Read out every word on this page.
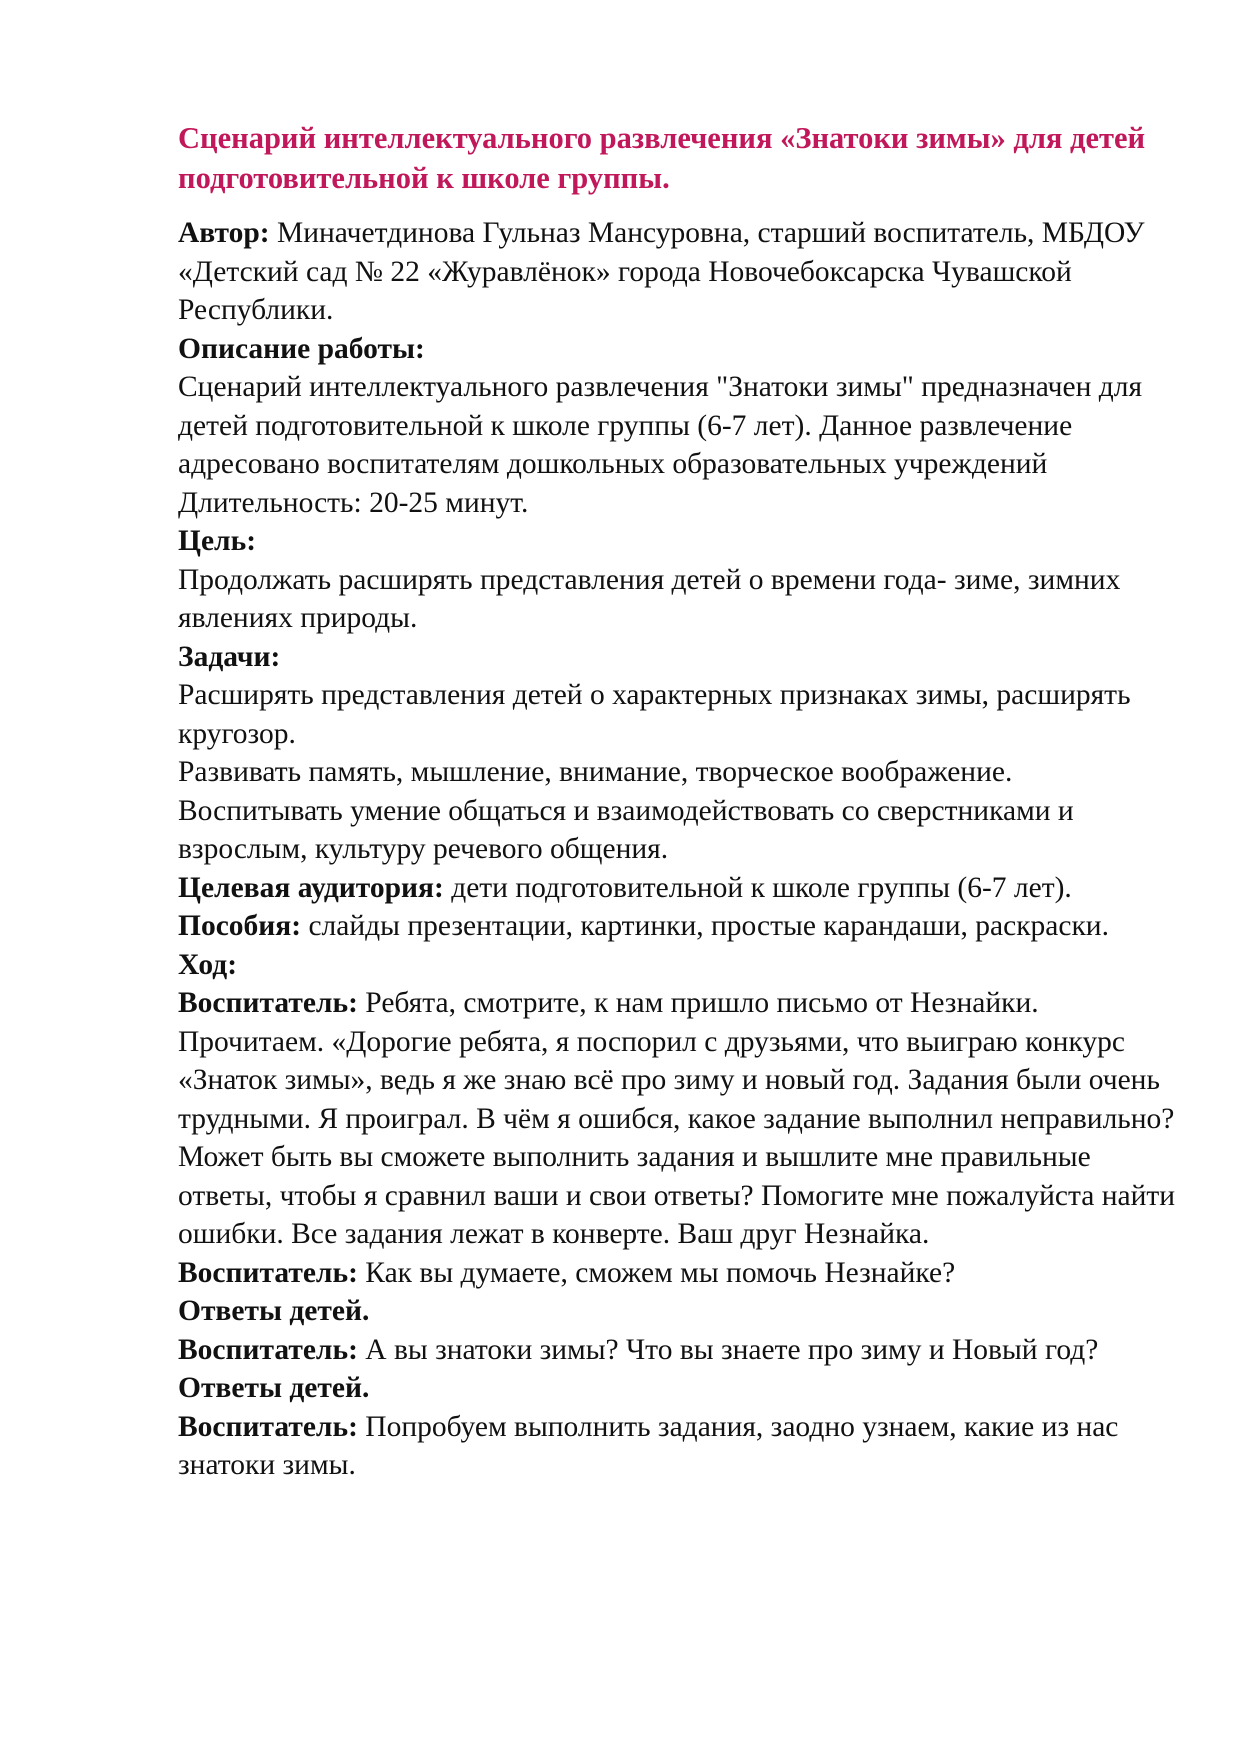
Сценарий интеллектуального развлечения «Знатоки зимы» для детей подготовительной к школе группы.

Автор: Миначетдинова Гульназ Мансуровна, старший воспитатель, МБДОУ «Детский сад № 22 «Журавлёнок» города Новочебоксарска Чувашской Республики.

Описание работы:

Сценарий интеллектуального развлечения "Знатоки зимы" предназначен для детей подготовительной к школе группы (6-7 лет). Данное развлечение адресовано воспитателям дошкольных образовательных учреждений Длительность: 20-25 минут.

Цель:

Продолжать расширять представления детей о времени года- зиме, зимних явлениях природы.

Задачи:

Расширять представления детей о характерных признаках зимы, расширять кругозор.

Развивать память, мышление, внимание, творческое воображение.

Воспитывать умение общаться и взаимодействовать со сверстниками и взрослым, культуру речевого общения.

Целевая аудитория: дети подготовительной к школе группы (6-7 лет).

Пособия: слайды презентации, картинки, простые карандаши, раскраски.

Ход:

Воспитатель: Ребята, смотрите, к нам пришло письмо от Незнайки. Прочитаем. «Дорогие ребята, я поспорил с друзьями, что выиграю конкурс «Знаток зимы», ведь я же знаю всё про зиму и новый год. Задания были очень трудными. Я проиграл. В чём я ошибся, какое задание выполнил неправильно? Может быть вы сможете выполнить задания и вышлите мне правильные ответы, чтобы я сравнил ваши и свои ответы? Помогите мне пожалуйста найти ошибки. Все задания лежат в конверте. Ваш друг Незнайка.

Воспитатель: Как вы думаете, сможем мы помочь Незнайке?

Ответы детей.

Воспитатель: А вы знатоки зимы? Что вы знаете про зиму и Новый год?

Ответы детей.

Воспитатель: Попробуем выполнить задания, заодно узнаем, какие из нас знатоки зимы.
